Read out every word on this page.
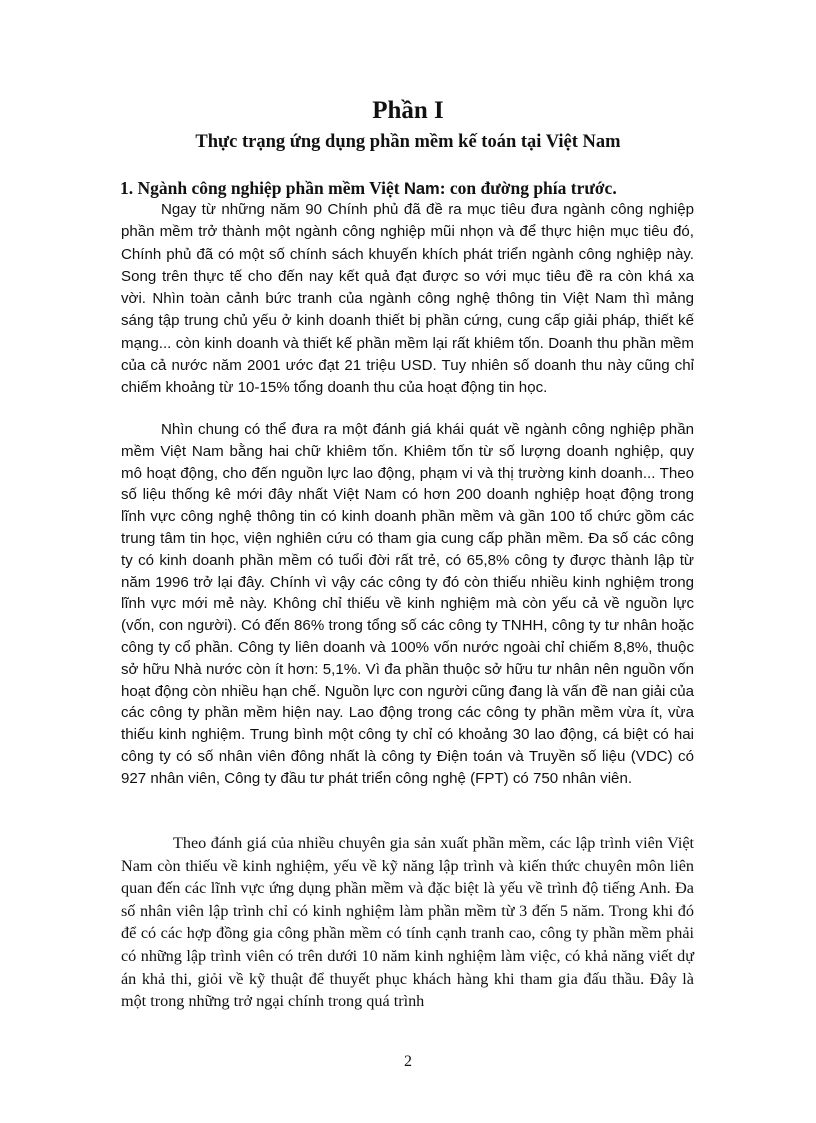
Phần I
Thực trạng ứng dụng phần mềm kế toán tại Việt Nam
1. Ngành công nghiệp phần mềm Việt Nam: con đường phía trước.

Ngay từ những năm 90 Chính phủ đã đề ra mục tiêu đưa ngành công nghiệp phần mềm trở thành một ngành công nghiệp mũi nhọn và để thực hiện mục tiêu đó, Chính phủ đã có một số chính sách khuyến khích phát triển ngành công nghiệp này. Song trên thực tế cho đến nay kết quả đạt được so với mục tiêu đề ra còn khá xa vời. Nhìn toàn cảnh bức tranh của ngành công nghệ thông tin Việt Nam thì mảng sáng tập trung chủ yếu ở kinh doanh thiết bị phần cứng, cung cấp giải pháp, thiết kế mạng... còn kinh doanh và thiết kế phần mềm lại rất khiêm tốn. Doanh thu phần mềm của cả nước năm 2001 ước đạt 21 triệu USD. Tuy nhiên số doanh thu này cũng chỉ chiếm khoảng từ 10-15% tổng doanh thu của hoạt động tin học.

Nhìn chung có thể đưa ra một đánh giá khái quát về ngành công nghiệp phần mềm Việt Nam bằng hai chữ khiêm tốn. Khiêm tốn từ số lượng doanh nghiệp, quy mô hoạt động, cho đến nguồn lực lao động, phạm vi và thị trường kinh doanh... Theo số liệu thống kê mới đây nhất Việt Nam có hơn 200 doanh nghiệp hoạt động trong lĩnh vực công nghệ thông tin có kinh doanh phần mềm và gần 100 tổ chức gồm các trung tâm tin học, viện nghiên cứu có tham gia cung cấp phần mềm. Đa số các công ty có kinh doanh phần mềm có tuổi đời rất trẻ, có 65,8% công ty được thành lập từ năm 1996 trở lại đây. Chính vì vậy các công ty đó còn thiếu nhiều kinh nghiệm trong lĩnh vực mới mẻ này. Không chỉ thiếu về kinh nghiệm mà còn yếu cả về nguồn lực (vốn, con người). Có đến 86% trong tổng số các công ty TNHH, công ty tư nhân hoặc công ty cổ phần. Công ty liên doanh và 100% vốn nước ngoài chỉ chiếm 8,8%, thuộc sở hữu Nhà nước còn ít hơn: 5,1%. Vì đa phần thuộc sở hữu tư nhân nên nguồn vốn hoạt động còn nhiều hạn chế. Nguồn lực con người cũng đang là vấn đề nan giải của các công ty phần mềm hiện nay. Lao động trong các công ty phần mềm vừa ít, vừa thiếu kinh nghiệm. Trung bình một công ty chỉ có khoảng 30 lao động, cá biệt có hai công ty có số nhân viên đông nhất là công ty Điện toán và Truyền số liệu (VDC) có 927 nhân viên, Công ty đầu tư phát triển công nghệ (FPT) có 750 nhân viên.

Theo đánh giá của nhiều chuyên gia sản xuất phần mềm, các lập trình viên Việt Nam còn thiếu về kinh nghiệm, yếu về kỹ năng lập trình và kiến thức chuyên môn liên quan đến các lĩnh vực ứng dụng phần mềm và đặc biệt là yếu về trình độ tiếng Anh. Đa số nhân viên lập trình chỉ có kinh nghiệm làm phần mềm từ 3 đến 5 năm. Trong khi đó để có các hợp đồng gia công phần mềm có tính cạnh tranh cao, công ty phần mềm phải có những lập trình viên có trên dưới 10 năm kinh nghiệm làm việc, có khả năng viết dự án khả thi, giỏi về kỹ thuật để thuyết phục khách hàng khi tham gia đấu thầu. Đây là một trong những trở ngại chính trong quá trình

2
